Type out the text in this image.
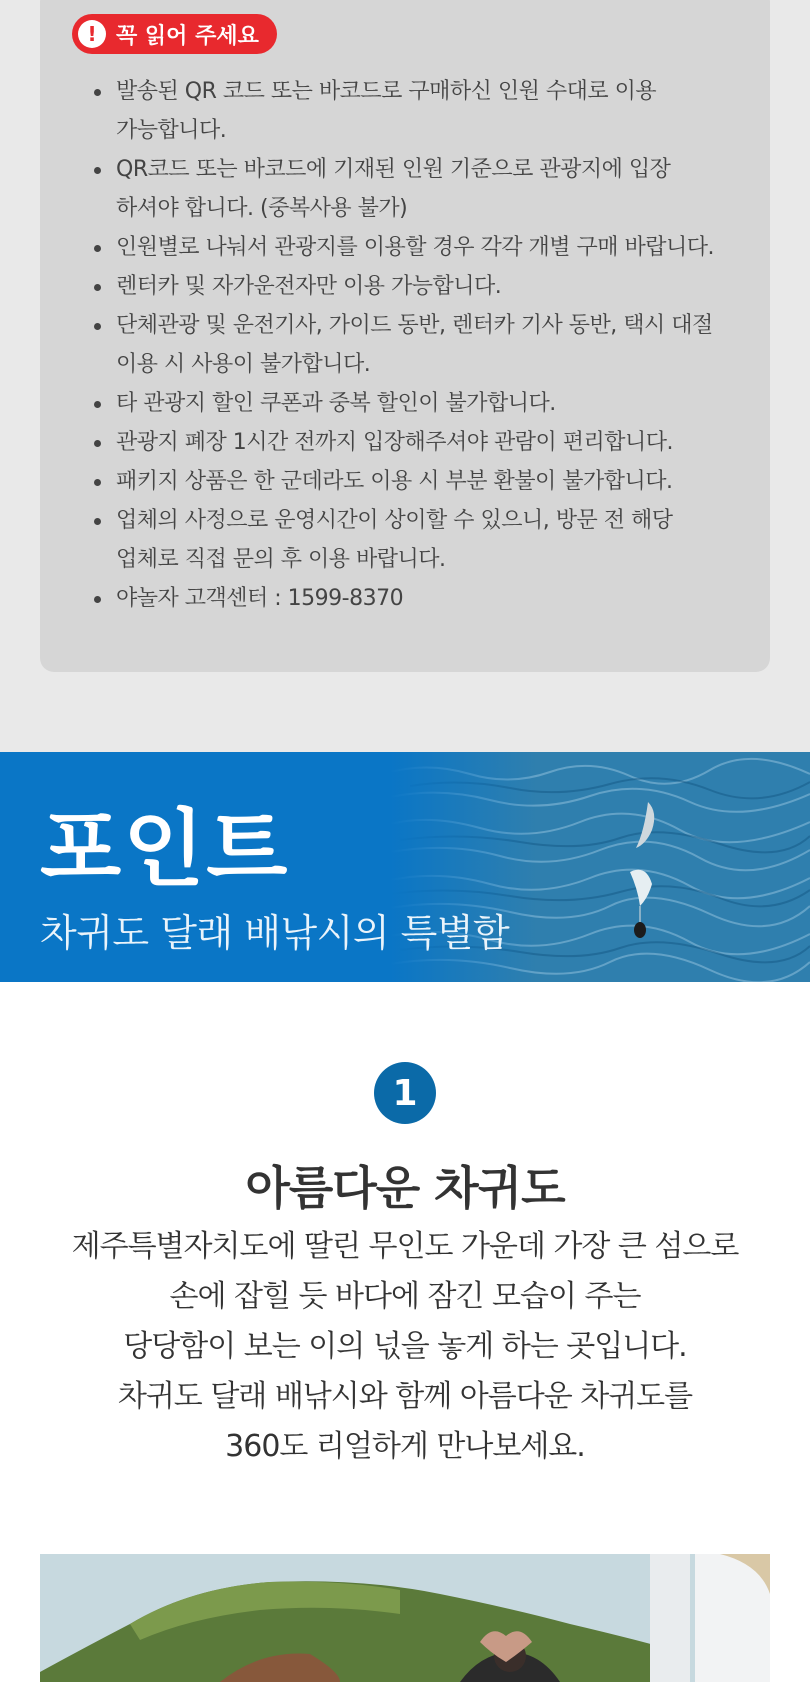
! 꼭 읽어 주세요
발송된 QR 코드 또는 바코드로 구매하신 인원 수대로 이용
가능합니다.
QR코드 또는 바코드에 기재된 인원 기준으로 관광지에 입장
하셔야 합니다. (중복사용 불가)
인원별로 나눠서 관광지를 이용할 경우 각각 개별 구매 바랍니다.
렌터카 및 자가운전자만 이용 가능합니다.
단체관광 및 운전기사, 가이드 동반, 렌터카 기사 동반, 택시 대절
이용 시 사용이 불가합니다.
타 관광지 할인 쿠폰과 중복 할인이 불가합니다.
관광지 폐장 1시간 전까지 입장해주셔야 관람이 편리합니다.
패키지 상품은 한 군데라도 이용 시 부분 환불이 불가합니다.
업체의 사정으로 운영시간이 상이할 수 있으니, 방문 전 해당
업체로 직접 문의 후 이용 바랍니다.
야놀자 고객센터 : 1599-8370
포인트
차귀도 달래 배낚시의 특별함
1
아름다운 차귀도
제주특별자치도에 딸린 무인도 가운데 가장 큰 섬으로
손에 잡힐 듯 바다에 잠긴 모습이 주는
당당함이 보는 이의 넋을 놓게 하는 곳입니다.
차귀도 달래 배낚시와 함께 아름다운 차귀도를
360도 리얼하게 만나보세요.
